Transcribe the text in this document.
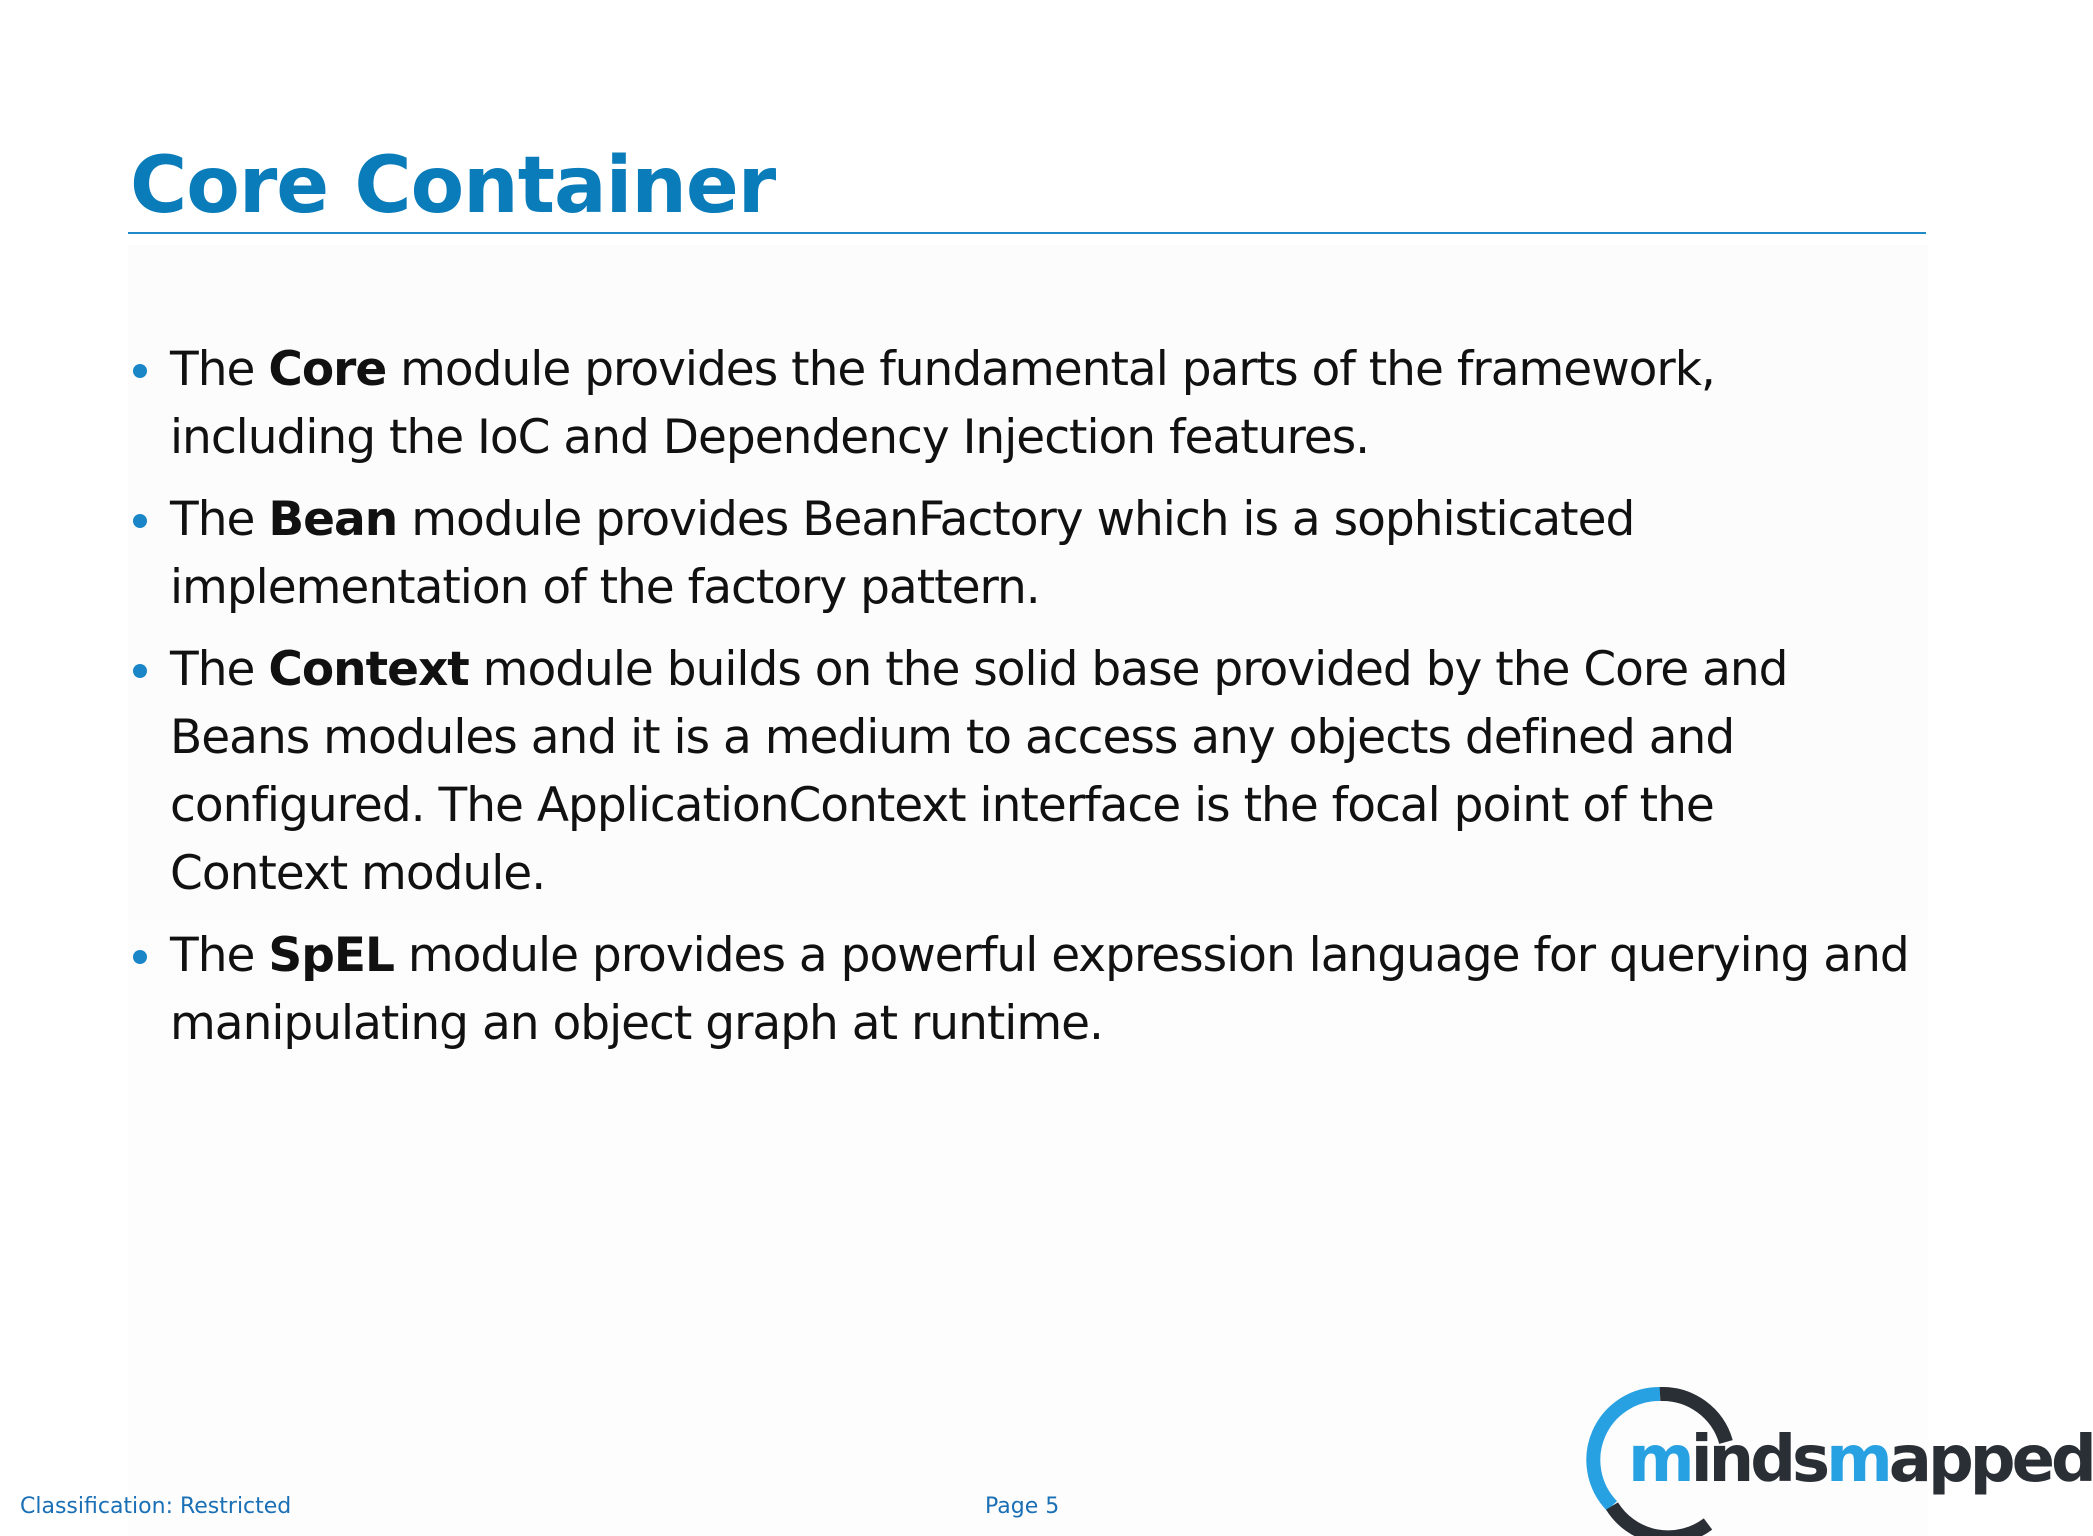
Core Container
The Core module provides the fundamental parts of the framework,
including the IoC and Dependency Injection features.
The Bean module provides BeanFactory which is a sophisticated
implementation of the factory pattern.
The Context module builds on the solid base provided by the Core and
Beans modules and it is a medium to access any objects defined and
configured. The ApplicationContext interface is the focal point of the
Context module.
The SpEL module provides a powerful expression language for querying and
manipulating an object graph at runtime.
Classification: Restricted	Page 5
mindsmapped
